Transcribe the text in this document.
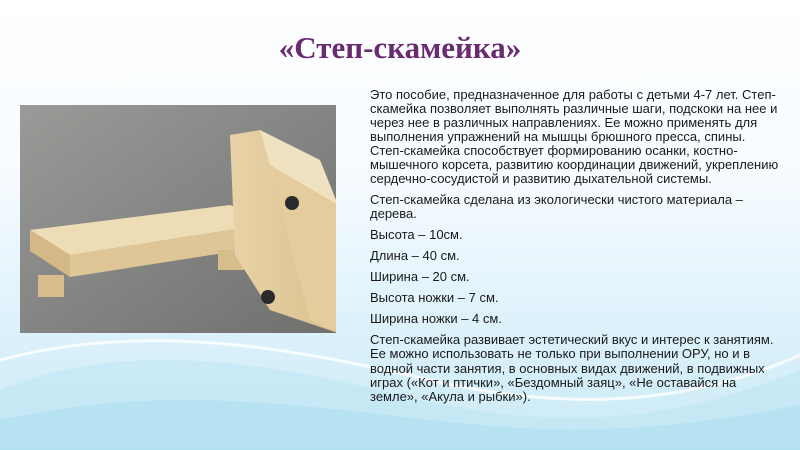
«Степ-скамейка»

Это пособие, предназначенное для работы с детьми 4-7 лет. Степ-скамейка позволяет выполнять различные шаги, подскоки на нее и через нее в различных направлениях. Ее можно применять для выполнения упражнений на мышцы брюшного пресса, спины. Степ-скамейка способствует формированию осанки, костно-мышечного корсета, развитию координации движений, укреплению сердечно-сосудистой и развитию дыхательной системы.

Степ-скамейка сделана из экологически чистого материала – дерева.

Высота – 10см.

Длина – 40 см.

Ширина – 20 см.

Высота ножки – 7 см.

Ширина ножки – 4 см.

Степ-скамейка развивает эстетический вкус и интерес к занятиям. Ее можно использовать не только при выполнении ОРУ, но и в водной части занятия, в основных видах движений, в подвижных играх («Кот и птички», «Бездомный заяц», «Не оставайся на земле», «Акула и рыбки»).
